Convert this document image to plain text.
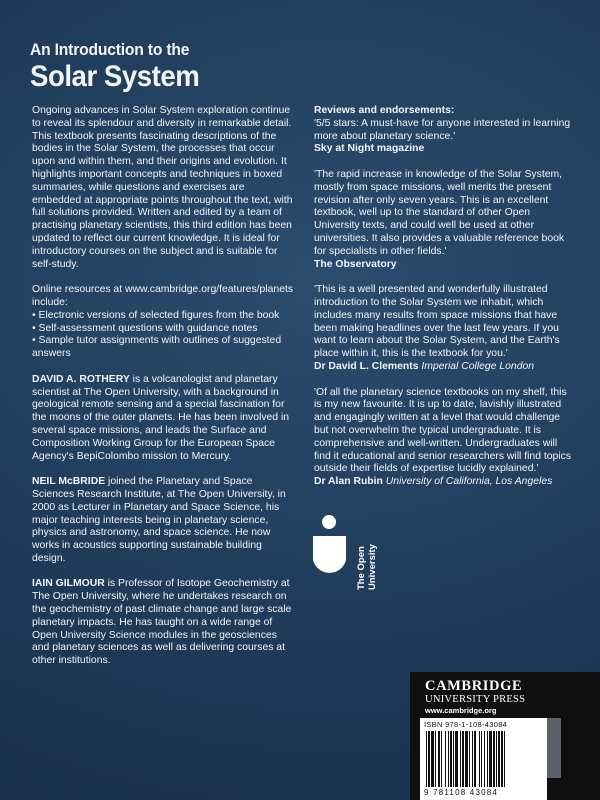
An Introduction to the
Solar System

Ongoing advances in Solar System exploration continue to reveal its splendour and diversity in remarkable detail. This textbook presents fascinating descriptions of the bodies in the Solar System, the processes that occur upon and within them, and their origins and evolution. It highlights important concepts and techniques in boxed summaries, while questions and exercises are embedded at appropriate points throughout the text, with full solutions provided. Written and edited by a team of practising planetary scientists, this third edition has been updated to reflect our current knowledge. It is ideal for introductory courses on the subject and is suitable for self-study.

Online resources at www.cambridge.org/features/planets include:

• Electronic versions of selected figures from the book

• Self-assessment questions with guidance notes

• Sample tutor assignments with outlines of suggested answers

DAVID A. ROTHERY is a volcanologist and planetary scientist at The Open University, with a background in geological remote sensing and a special fascination for the moons of the outer planets. He has been involved in several space missions, and leads the Surface and Composition Working Group for the European Space Agency's BepiColombo mission to Mercury.

NEIL McBRIDE joined the Planetary and Space Sciences Research Institute, at The Open University, in 2000 as Lecturer in Planetary and Space Science, his major teaching interests being in planetary science, physics and astronomy, and space science. He now works in acoustics supporting sustainable building design.

IAIN GILMOUR is Professor of Isotope Geochemistry at The Open University, where he undertakes research on the geochemistry of past climate change and large scale planetary impacts. He has taught on a wide range of Open University Science modules in the geosciences and planetary sciences as well as delivering courses at other institutions.

Reviews and endorsements:

'5/5 stars: A must-have for anyone interested in learning more about planetary science.'

Sky at Night magazine

'The rapid increase in knowledge of the Solar System, mostly from space missions, well merits the present revision after only seven years. This is an excellent textbook, well up to the standard of other Open University texts, and could well be used at other universities. It also provides a valuable reference book for specialists in other fields.'

The Observatory

'This is a well presented and wonderfully illustrated introduction to the Solar System we inhabit, which includes many results from space missions that have been making headlines over the last few years. If you want to learn about the Solar System, and the Earth's place within it, this is the textbook for you.'

Dr David L. Clements Imperial College London

'Of all the planetary science textbooks on my shelf, this is my new favourite. It is up to date, lavishly illustrated and engagingly written at a level that would challenge but not overwhelm the typical undergraduate. It is comprehensive and well-written. Undergraduates will find it educational and senior researchers will find topics outside their fields of expertise lucidly explained.'

Dr Alan Rubin University of California, Los Angeles

The Open University
CAMBRIDGE
UNIVERSITY PRESS
www.cambridge.org
ISBN 978-1-108-43084
9 781108 43084
